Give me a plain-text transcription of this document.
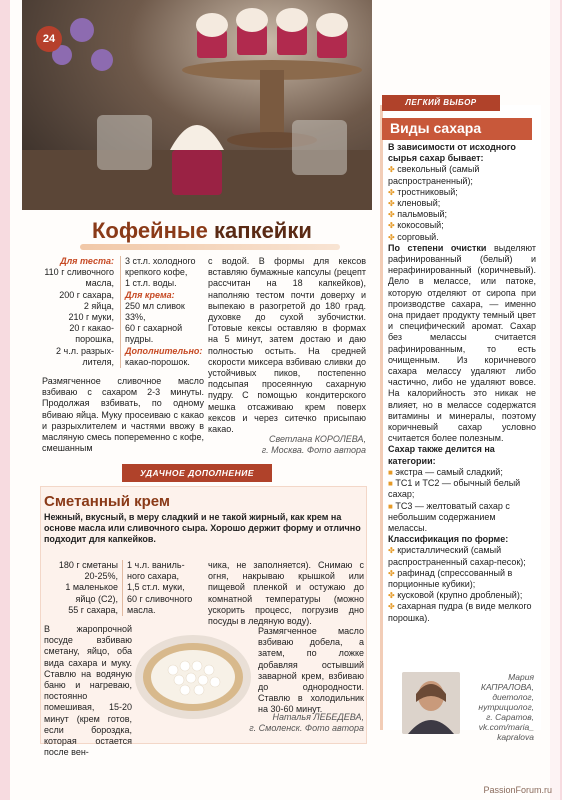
24
Кофейные капкейки
Для теста:
110 г сливочного
масла,
200 г сахара,
2 яйца,
210 г муки,
20 г какао-
порошка,
2 ч.л. разрых-
лителя,
3 ст.л. холодного
крепкого кофе,
1 ст.л. воды.
Для крема:
250 мл сливок
33%,
60 г сахарной
пудры.
Дополнительно:
какао-порошок.
Размягченное сливочное масло взбиваю с сахаром 2-3 минуты. Продолжая взбивать, по одному вбиваю яйца. Муку просеиваю с какао и разрыхлителем и частями ввожу в масляную смесь попеременно с кофе, смешанным
с водой. В формы для кексов вставляю бумажные капсулы (рецепт рассчитан на 18 капкейков), наполняю тестом почти доверху и выпекаю в разогретой до 180 град. духовке до сухой зубочистки. Готовые кексы оставляю в формах на 5 минут, затем достаю и даю полностью остыть. На средней скорости миксера взбиваю сливки до устойчивых пиков, постепенно подсыпая просеянную сахарную пудру. С помощью кондитерского мешка отсаживаю крем поверх кексов и через ситечко присыпаю какао.
Светлана КОРОЛЕВА,
г. Москва. Фото автора
ЛЕГКИЙ ВЫБОР
Виды сахара

В зависимости от исходного сырья сахар бывает:

✤ свекольный (самый распространенный);

✤ тростниковый;

✤ кленовый;

✤ пальмовый;

✤ кокосовый;

✤ сорговый.

По степени очистки выделяют рафинированный (белый) и нерафинированный (коричневый). Дело в мелассе, или патоке, которую отделяют от сиропа при производстве сахара, — именно она придает продукту темный цвет и специфический аромат. Сахар без мелассы считается рафинированным, то есть очищенным. Из коричневого сахара мелассу удаляют либо частично, либо не удаляют вовсе. На калорийность это никак не влияет, но в мелассе содержатся витамины и минералы, поэтому коричневый сахар условно считается более полезным.

Сахар также делится на категории:

■ экстра — самый сладкий;

■ ТС1 и ТС2 — обычный белый сахар;

■ ТС3 — желтоватый сахар с небольшим содержанием мелассы.

Классификация по форме:

✤ кристаллический (самый распространенный сахар-песок);

✤ рафинад (спрессованный в порционные кубики);

✤ кусковой (крупно дробленый);

✤ сахарная пудра (в виде мелкого порошка).

Мария
КАПРАЛОВА,
диетолог,
нутрициолог,
г. Саратов,
vk.com/maria_
kapralova
УДАЧНОЕ ДОПОЛНЕНИЕ
Сметанный крем
Нежный, вкусный, в меру сладкий и не такой жирный, как крем на основе масла или сливочного сыра. Хорошо держит форму и отлично подходит для капкейков.
180 г сметаны
20-25%,
1 маленькое
яйцо (С2),
55 г сахара,
1 ч.л. ваниль-
ного сахара,
1,5 ст.л. муки,
60 г сливочного
масла.
чика, не заполняется). Снимаю с огня, накрываю крышкой или пищевой пленкой и остужаю до комнатной температуры (можно ускорить процесс, погрузив днo посуды в ледяную воду).
В жаропрочной посуде взбиваю сметану, яйцо, оба вида сахара и муку. Ставлю на водяную баню и нагреваю, постоянно помешивая, 15-20 минут (крем готов, если бороздка, которая остается после вен-
Размягченное масло взбиваю добела, а затем, по ложке добавляя остывший заварной крем, взбиваю до однородности. Ставлю в холодильник на 30-60 минут.
Наталья ЛЕБЕДЕВА,
г. Смоленск. Фото автора
PassionForum.ru
